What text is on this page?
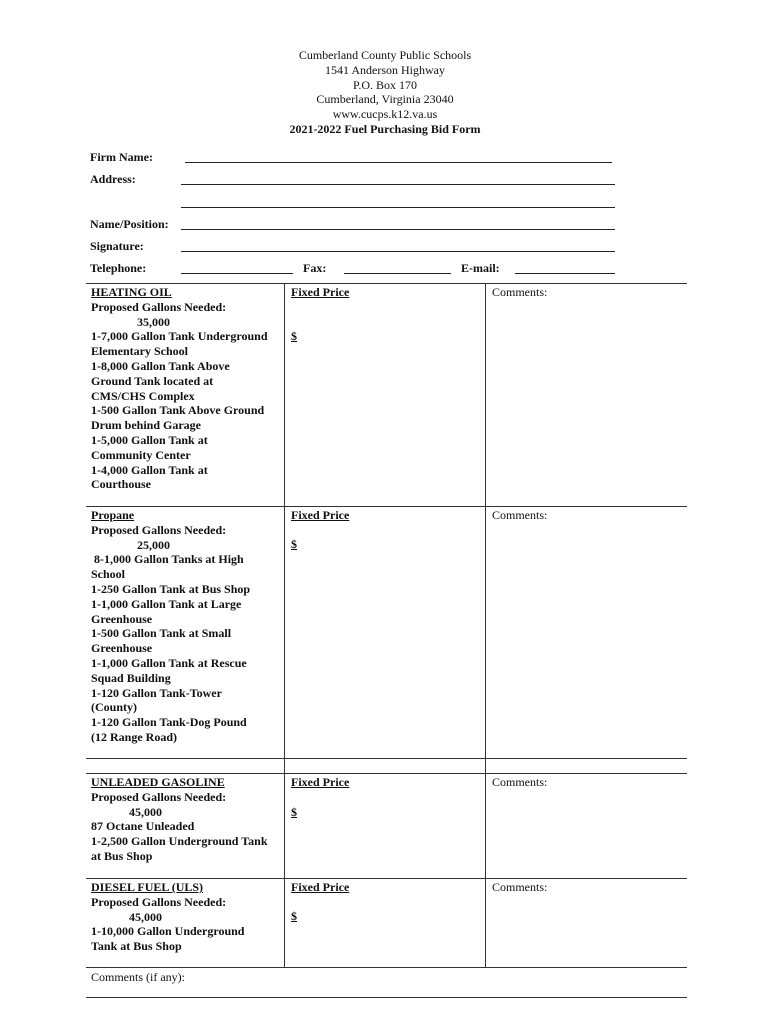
Cumberland County Public Schools
1541 Anderson Highway
P.O. Box 170
Cumberland, Virginia 23040
www.cucps.k12.va.us
2021-2022 Fuel Purchasing Bid Form
Firm Name:
Address:
Name/Position:
Signature:
Telephone:	Fax:	E-mail:
HEATING OIL
Proposed Gallons Needed:
35,000
1-7,000 Gallon Tank Underground
Elementary School
1-8,000 Gallon Tank Above
Ground Tank located at
CMS/CHS Complex
1-500 Gallon Tank Above Ground
Drum behind Garage
1-5,000 Gallon Tank at
Community Center
1-4,000 Gallon Tank at
Courthouse
Fixed Price
$
Comments:
Propane
Proposed Gallons Needed:
25,000
8-1,000 Gallon Tanks at High
School
1-250 Gallon Tank at Bus Shop
1-1,000 Gallon Tank at Large
Greenhouse
1-500 Gallon Tank at Small
Greenhouse
1-1,000 Gallon Tank at Rescue
Squad Building
1-120 Gallon Tank-Tower
(County)
1-120 Gallon Tank-Dog Pound
(12 Range Road)
Fixed Price
$
Comments:
UNLEADED GASOLINE
Proposed Gallons Needed:
45,000
87 Octane Unleaded
1-2,500 Gallon Underground Tank
at Bus Shop
Fixed Price
$
Comments:
DIESEL FUEL (ULS)
Proposed Gallons Needed:
45,000
1-10,000 Gallon Underground
Tank at Bus Shop
Fixed Price
$
Comments:
Comments (if any):
